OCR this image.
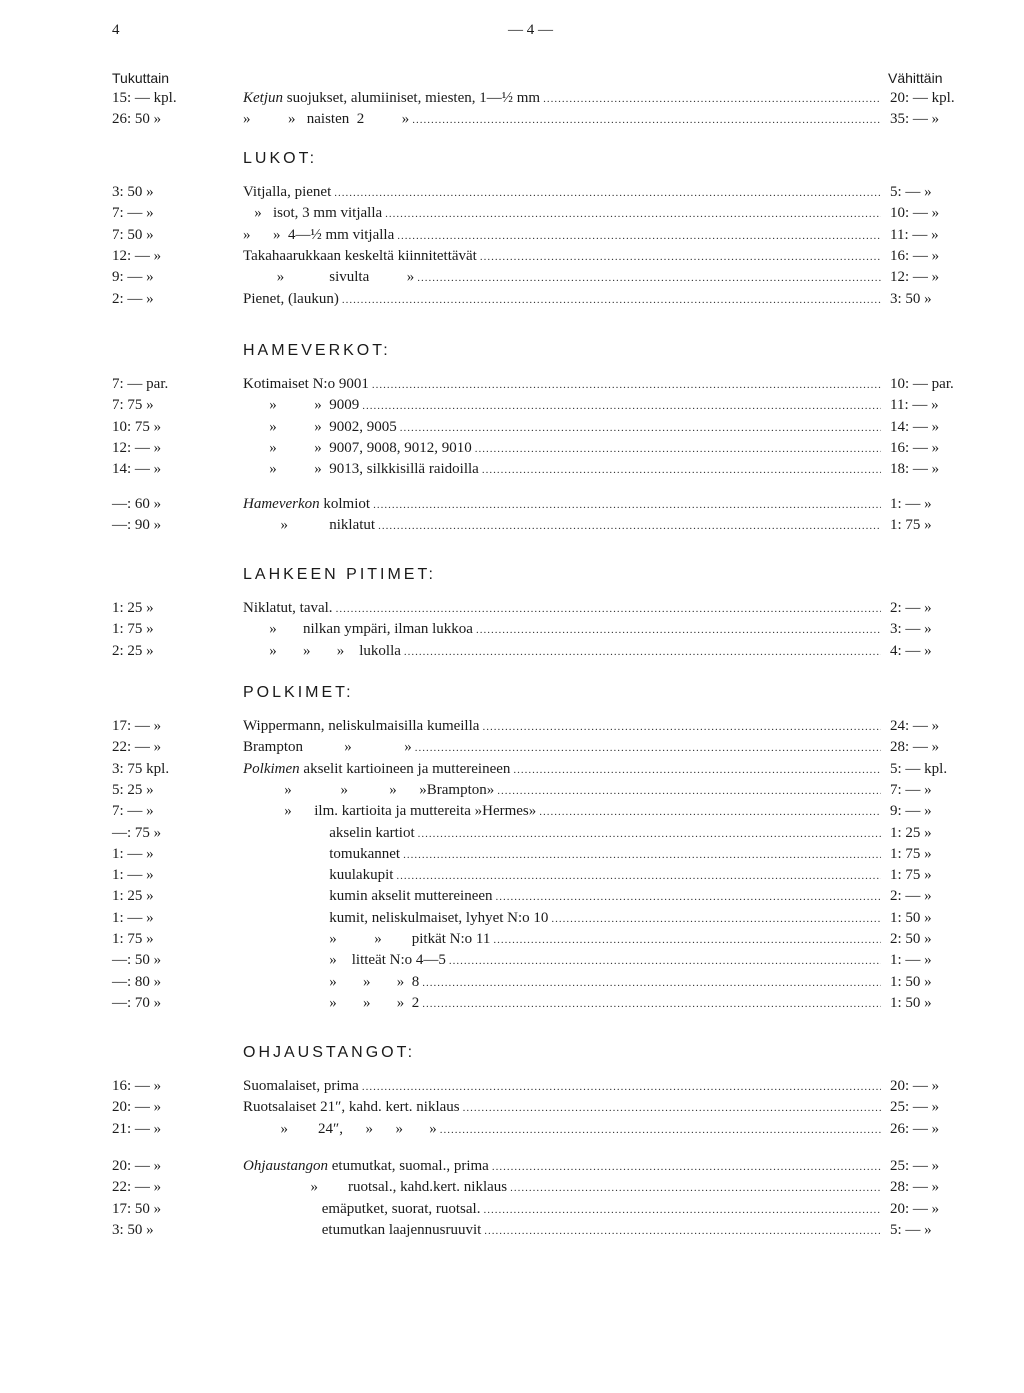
4	— 4 —
Tukuttain	Vähittäin
15: — kpl.	Ketjun suojukset, alumiiniset, miesten, 1—½ mm .....	20: — kpl.
26: 50 »	»          »   naisten  2          » .....	35: — »
LUKOT:
3: 50 »	Vitjalla, pienet .....	5: — »
7: — »	»   isot, 3 mm vitjalla .....	10: — »
7: 50 »	»      »  4—½ mm vitjalla .....	11: — »
12: — »	Takahaarukkaan keskeltä kiinnitettävät .....	16: — »
9: — »	»            sivulta          » .....	12: — »
2: — »	Pienet, (laukun) .....	3: 50 »
HAMEVERKOT:
7: — par.	Kotimaiset N:o 9001 .....	10: — par.
7: 75 »	»          »  9009 .....	11: — »
10: 75 »	»          »  9002, 9005 .....	14: — »
12: — »	»          »  9007, 9008, 9012, 9010 .....	16: — »
14: — »	»          »  9013, silkkisillä raidoilla .....	18: — »
—: 60 »	Hameverkon kolmiot .....	1: — »
—: 90 »	»           niklatut .....	1: 75 »
LAHKEEN PITIMET:
1: 25 »	Niklatut, taval. .....	2: — »
1: 75 »	»       nilkan ympäri, ilman lukkoa .....	3: — »
2: 25 »	»       »       »    lukolla .....	4: — »
POLKIMET:
17: — »	Wippermann, neliskulmaisilla kumeilla .....	24: — »
22: — »	Brampton           »              » .....	28: — »
3: 75 kpl.	Polkimen akselit kartioineen ja muttereineen .....	5: — kpl.
5: 25 »	»             »           »      »Brampton» .....	7: — »
7: — »	»      ilm. kartioita ja muttereita »Hermes» .....	9: — »
—: 75 »	akselin kartiot .....	1: 25 »
1: — »	tomukannet .....	1: 75 »
1: — »	kuulakupit .....	1: 75 »
1: 25 »	kumin akselit muttereineen .....	2: — »
1: — »	kumit, neliskulmaiset, lyhyet N:o 10 .....	1: 50 »
1: 75 »	»          »        pitkät N:o 11 .....	2: 50 »
—: 50 »	»    litteät N:o 4—5 .....	1: — »
—: 80 »	»       »       »  8 .....	1: 50 »
—: 70 »	»       »       »  2 .....	1: 50 »
OHJAUSTANGOT:
16: — »	Suomalaiset, prima .....	20: — »
20: — »	Ruotsalaiset 21″, kahd. kert. niklaus .....	25: — »
21: — »	»        24″,      »      »       » .....	26: — »
20: — »	Ohjaustangon etumutkat, suomal., prima .....	25: — »
22: — »	»        ruotsal., kahd.kert. niklaus .....	28: — »
17: 50 »	emäputket, suorat, ruotsal. .....	20: — »
3: 50 »	etumutkan laajennusruuvit .....	5: — »
